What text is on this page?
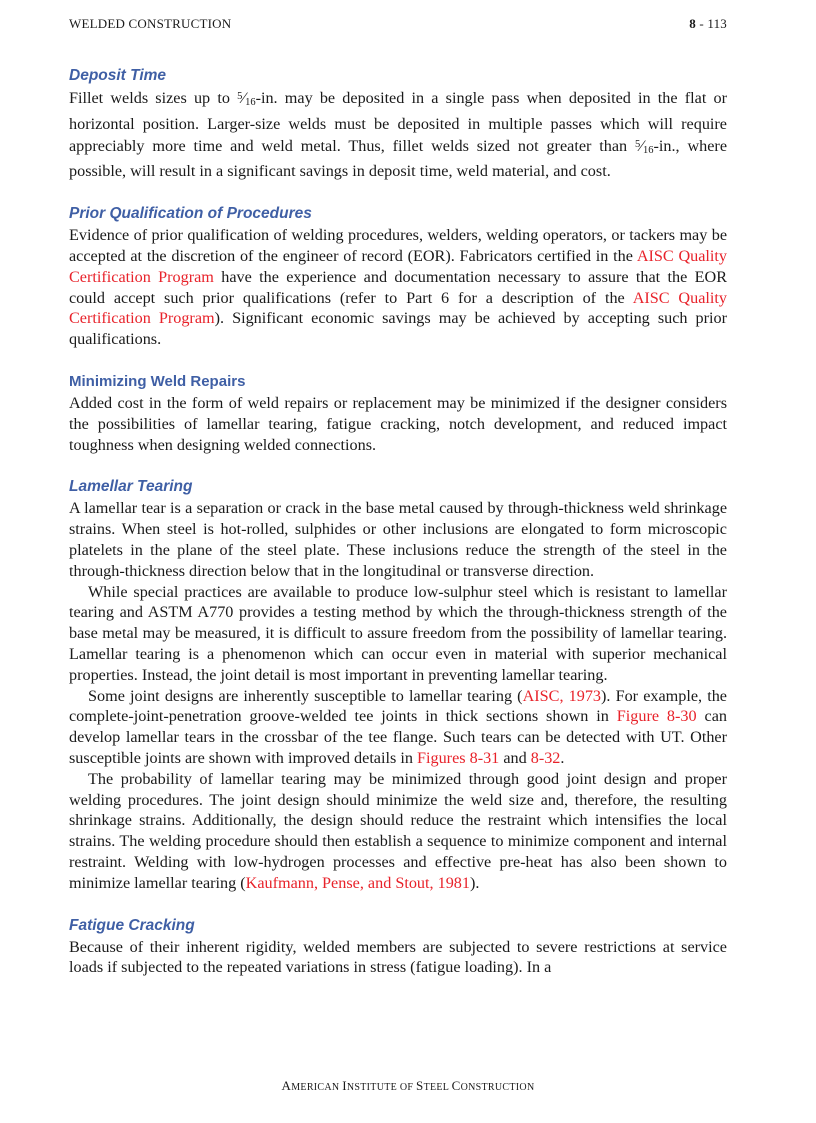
WELDED CONSTRUCTION	8 - 113
Deposit Time

Fillet welds sizes up to $^5$⁄16-in. may be deposited in a single pass when deposited in the flat or horizontal position. Larger-size welds must be deposited in multiple passes which will require appreciably more time and weld metal. Thus, fillet welds sized not greater than $^5$⁄16-in., where possible, will result in a significant savings in deposit time, weld material, and cost.

Prior Qualification of Procedures

Evidence of prior qualification of welding procedures, welders, welding operators, or tackers may be accepted at the discretion of the engineer of record (EOR). Fabricators certified in the AISC Quality Certification Program have the experience and documentation necessary to assure that the EOR could accept such prior qualifications (refer to Part 6 for a description of the AISC Quality Certification Program). Significant economic savings may be achieved by accepting such prior qualifications.

Minimizing Weld Repairs

Added cost in the form of weld repairs or replacement may be minimized if the designer considers the possibilities of lamellar tearing, fatigue cracking, notch development, and reduced impact toughness when designing welded connections.

Lamellar Tearing

A lamellar tear is a separation or crack in the base metal caused by through-thickness weld shrinkage strains. When steel is hot-rolled, sulphides or other inclusions are elongated to form microscopic platelets in the plane of the steel plate. These inclusions reduce the strength of the steel in the through-thickness direction below that in the longitudinal or transverse direction.

While special practices are available to produce low-sulphur steel which is resistant to lamellar tearing and ASTM A770 provides a testing method by which the through-thickness strength of the base metal may be measured, it is difficult to assure freedom from the possibility of lamellar tearing. Lamellar tearing is a phenomenon which can occur even in material with superior mechanical properties. Instead, the joint detail is most important in preventing lamellar tearing.

Some joint designs are inherently susceptible to lamellar tearing (AISC, 1973). For example, the complete-joint-penetration groove-welded tee joints in thick sections shown in Figure 8-30 can develop lamellar tears in the crossbar of the tee flange. Such tears can be detected with UT. Other susceptible joints are shown with improved details in Figures 8-31 and 8-32.

The probability of lamellar tearing may be minimized through good joint design and proper welding procedures. The joint design should minimize the weld size and, therefore, the resulting shrinkage strains. Additionally, the design should reduce the restraint which intensifies the local strains. The welding procedure should then establish a sequence to minimize component and internal restraint. Welding with low-hydrogen processes and effective pre-heat has also been shown to minimize lamellar tearing (Kaufmann, Pense, and Stout, 1981).

Fatigue Cracking

Because of their inherent rigidity, welded members are subjected to severe restrictions at service loads if subjected to the repeated variations in stress (fatigue loading). In a

AMERICAN INSTITUTE OF STEEL CONSTRUCTION
